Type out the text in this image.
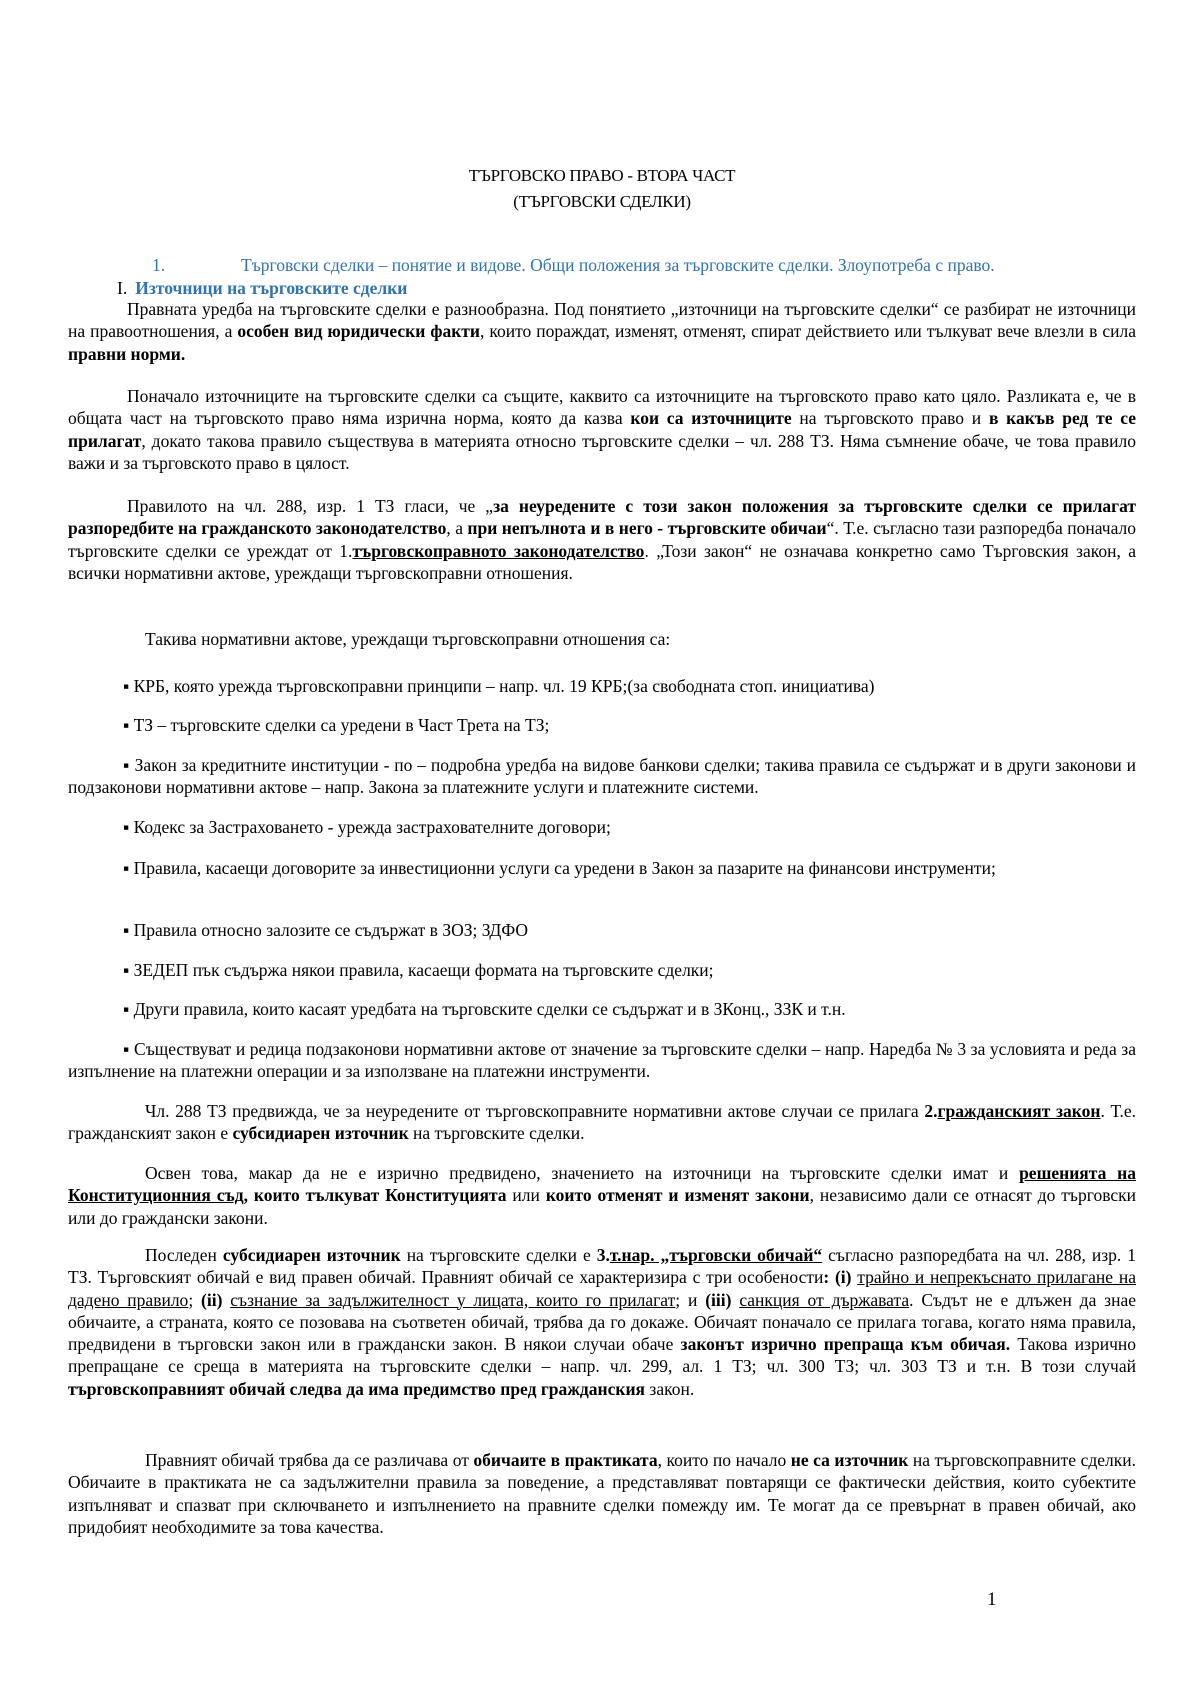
ТЪРГОВСКО ПРАВО - ВТОРА ЧАСТ
(ТЪРГОВСКИ СДЕЛКИ)
1.	Търговски сделки – понятие и видове. Общи положения за търговските сделки. Злоупотреба с право.
I. Източници на търговските сделки
Правната уредба на търговските сделки е разнообразна. Под понятието „източници на търговските сделки“ се разбират не източници на правоотношения, а особен вид юридически факти, които пораждат, изменят, отменят, спират действието или тълкуват вече влезли в сила правни норми.
Поначало източниците на търговските сделки са същите, каквито са източниците на търговското право като цяло. Разликата е, че в общата част на търговското право няма изрична норма, която да казва кои са източниците на търговското право и в какъв ред те се прилагат, докато такова правило съществува в материята относно търговските сделки – чл. 288 ТЗ. Няма съмнение обаче, че това правило важи и за търговското право в цялост.
Правилото на чл. 288, изр. 1 ТЗ гласи, че „за неуредените с този закон положения за търговските сделки се прилагат разпоредбите на гражданското законодателство, а при непълнота и в него - търговските обичаи“. Т.е. съгласно тази разпоредба поначало търговските сделки се уреждат от 1.търговскоправното законодателство. „Този закон“ не означава конкретно само Търговския закон, а всички нормативни актове, уреждащи търговскоправни отношения.
Такива нормативни актове, уреждащи търговскоправни отношения са:
▪ КРБ, която урежда търговскоправни принципи – напр. чл. 19 КРБ;(за свободната стоп. инициатива)
▪ ТЗ – търговските сделки са уредени в Част Трета на ТЗ;
▪ Закон за кредитните институции - по – подробна уредба на видове банкови сделки; такива правила се съдържат и в други законови и подзаконови нормативни актове – напр. Закона за платежните услуги и платежните системи.
▪ Кодекс за Застраховането - урежда застрахователните договори;
▪ Правила, касаещи договорите за инвестиционни услуги са уредени в Закон за пазарите на финансови инструменти;
▪ Правила относно залозите се съдържат в ЗОЗ; ЗДФО
▪ ЗЕДЕП пък съдържа някои правила, касаещи формата на търговските сделки;
▪ Други правила, които касаят уредбата на търговските сделки се съдържат и в ЗКонц., ЗЗК и т.н.
▪ Съществуват и редица подзаконови нормативни актове от значение за търговските сделки – напр. Наредба № 3 за условията и реда за изпълнение на платежни операции и за използване на платежни инструменти.
Чл. 288 ТЗ предвижда, че за неуредените от търговскоправните нормативни актове случаи се прилага 2.гражданският закон. Т.е. гражданският закон е субсидиарен източник на търговските сделки.
Освен това, макар да не е изрично предвидено, значението на източници на търговските сделки имат и решенията на Конституционния съд, които тълкуват Конституцията или които отменят и изменят закони, независимо дали се отнасят до търговски или до граждански закони.
Последен субсидиарен източник на търговските сделки е 3.т.нар. „търговски обичай“ съгласно разпоредбата на чл. 288, изр. 1 ТЗ. Търговският обичай е вид правен обичай. Правният обичай се характеризира с три особености: (i) трайно и непрекъснато прилагане на дадено правило; (ii) съзнание за задължителност у лицата, които го прилагат; и (iii) санкция от държавата. Съдът не е длъжен да знае обичаите, а страната, която се позовава на съответен обичай, трябва да го докаже. Обичаят поначало се прилага тогава, когато няма правила, предвидени в търговски закон или в граждански закон. В някои случаи обаче законът изрично препраща към обичая. Такова изрично препращане се среща в материята на търговските сделки – напр. чл. 299, ал. 1 ТЗ; чл. 300 ТЗ; чл. 303 ТЗ и т.н. В този случай търговскоправният обичай следва да има предимство пред гражданския закон.
Правният обичай трябва да се различава от обичаите в практиката, които по начало не са източник на търговскоправните сделки. Обичаите в практиката не са задължителни правила за поведение, а представляват повтарящи се фактически действия, които субектите изпълняват и спазват при сключването и изпълнението на правните сделки помежду им. Те могат да се превърнат в правен обичай, ако придобият необходимите за това качества.
1
